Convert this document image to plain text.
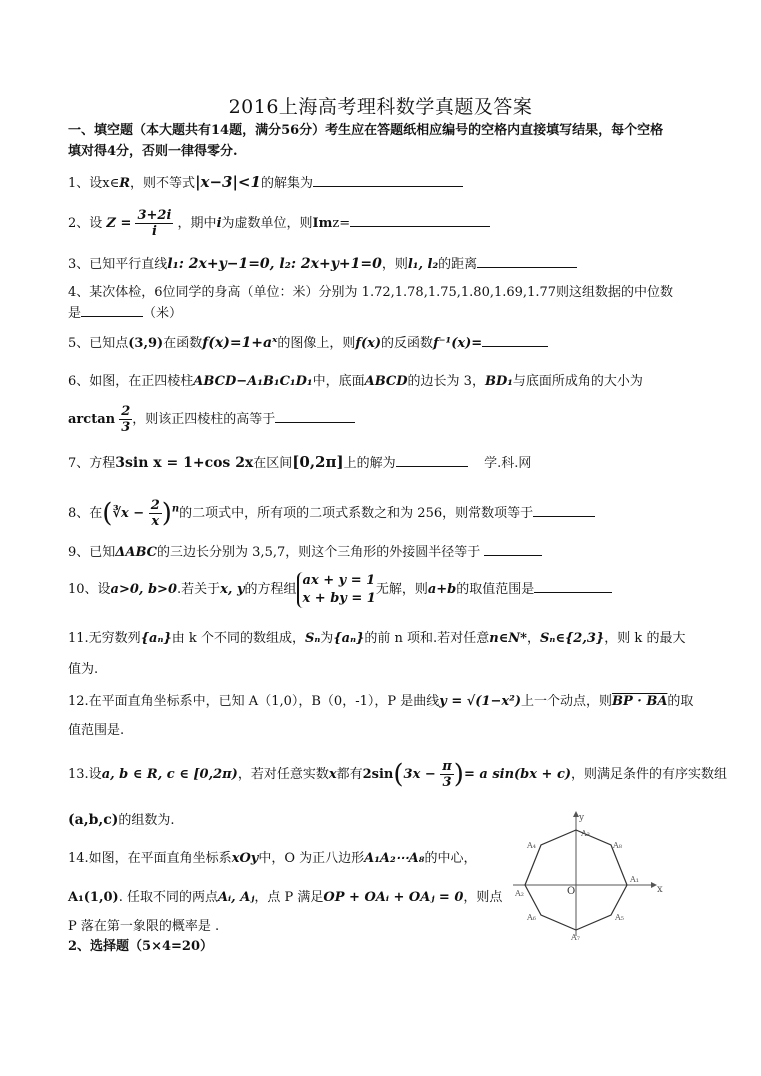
2016上海高考理科数学真题及答案
一、填空题（本大题共有14题，满分56分）考生应在答题纸相应编号的空格内直接填写结果，每个空格
填对得4分，否则一律得零分.
1、设x∈R，则不等式|x−3|<1的解集为
2、设 $Z = \frac{3+2i}{i}$ ，期中i为虚数单位，则Imz=
3、已知平行直线l₁: 2x+y−1=0, l₂: 2x+y+1=0，则l₁, l₂的距离
4、某次体检，6位同学的身高（单位：米）分别为 1.72,1.78,1.75,1.80,1.69,1.77则这组数据的中位数
是	（米）
5、已知点(3,9)在函数f(x)=1+aˣ的图像上，则f(x)的反函数f⁻¹(x)=
6、如图，在正四棱柱ABCD−A₁B₁C₁D₁中，底面ABCD的边长为 3，BD₁与底面所成角的大小为
$\arctan \frac{2}{3}$ ，则该正四棱柱的高等于
7、方程3sin x = 1+cos 2x在区间[0,2π]上的解为	学.科.网
8、在(∛x − $\frac{2}{x} )^n$的二项式中，所有项的二项式系数之和为 256，则常数项等于
9、已知ΔABC的三边长分别为 3,5,7，则这个三角形的外接圆半径等于
10、设a>0, b>0.若关于x, y的方程组
ax + y = 1
x + by = 1
无解，则a+b的取值范围是
11.无穷数列{aₙ}由 k 个不同的数组成，Sₙ为{aₙ}的前 n 项和.若对任意n∈N*，Sₙ∈{2,3}，则 k 的最大
值为.
12.在平面直角坐标系中，已知 A（1,0），B（0，-1），P 是曲线y = √(1−x²)上一个动点，则BP · BA的取
值范围是.
13.设a, b ∈ R, c ∈ [0,2π)，若对任意实数x都有$2\sin(3x - \frac{\pi}{3}$ )= a sin(bx + c)，则满足条件的有序实数组
(a,b,c)的组数为.
14.如图，在平面直角坐标系xOy中，O 为正八边形A₁A₂⋯A₈的中心，
A₁(1,0). 任取不同的两点Aᵢ, Aⱼ，点 P 满足OP + OAᵢ + OAⱼ = 0，则点
P 落在第一象限的概率是 .
2、选择题（5×4=20）
y
x
O
A₁
A₂
A₃
A₄
A₆
A₇
A₈
A₅
